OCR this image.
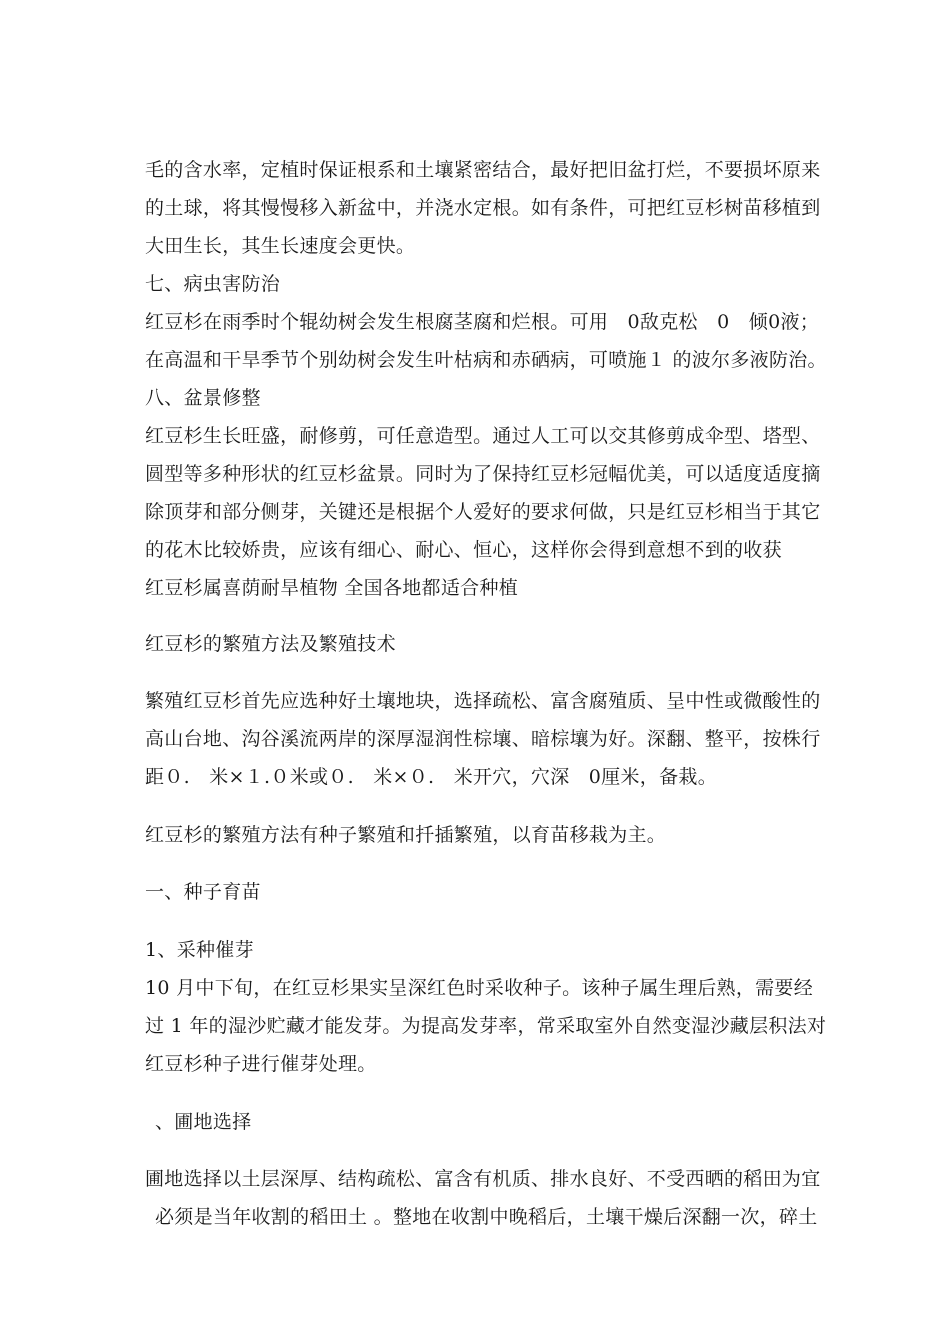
毛的含水率，定植时保证根系和土壤紧密结合，最好把旧盆打烂，不要损坏原来

的土球，将其慢慢移入新盆中，并浇水定根。如有条件，可把红豆杉树苗移植到

大田生长，其生长速度会更快。

七、病虫害防治

红豆杉在雨季时个辊幼树会发生根腐茎腐和烂根。可用　0敌克松　0　倾0液；

在高温和干旱季节个别幼树会发生叶枯病和赤硒病，可喷施１ 的波尔多液防治。

八、盆景修整

红豆杉生长旺盛，耐修剪，可任意造型。通过人工可以交其修剪成伞型、塔型、

圆型等多种形状的红豆杉盆景。同时为了保持红豆杉冠幅优美，可以适度适度摘

除顶芽和部分侧芽，关键还是根据个人爱好的要求何做，只是红豆杉相当于其它

的花木比较娇贵，应该有细心、耐心、恒心，这样你会得到意想不到的收获

红豆杉属喜荫耐旱植物 全国各地都适合种植

红豆杉的繁殖方法及繁殖技术

繁殖红豆杉首先应选种好土壤地块，选择疏松、富含腐殖质、呈中性或微酸性的

高山台地、沟谷溪流两岸的深厚湿润性棕壤、暗棕壤为好。深翻、整平，按株行

距０.　米×１.０米或０.　米×０.　米开穴，穴深　0厘米，备栽。

红豆杉的繁殖方法有种子繁殖和扦插繁殖，以育苗移栽为主。

一、种子育苗

1、采种催芽

10 月中下旬，在红豆杉果实呈深红色时采收种子。该种子属生理后熟，需要经

过 1 年的湿沙贮藏才能发芽。为提高发芽率，常采取室外自然变湿沙藏层积法对

红豆杉种子进行催芽处理。

、圃地选择

圃地选择以土层深厚、结构疏松、富含有机质、排水良好、不受西晒的稻田为宜

必须是当年收割的稻田土 。整地在收割中晚稻后，土壤干燥后深翻一次，碎土
